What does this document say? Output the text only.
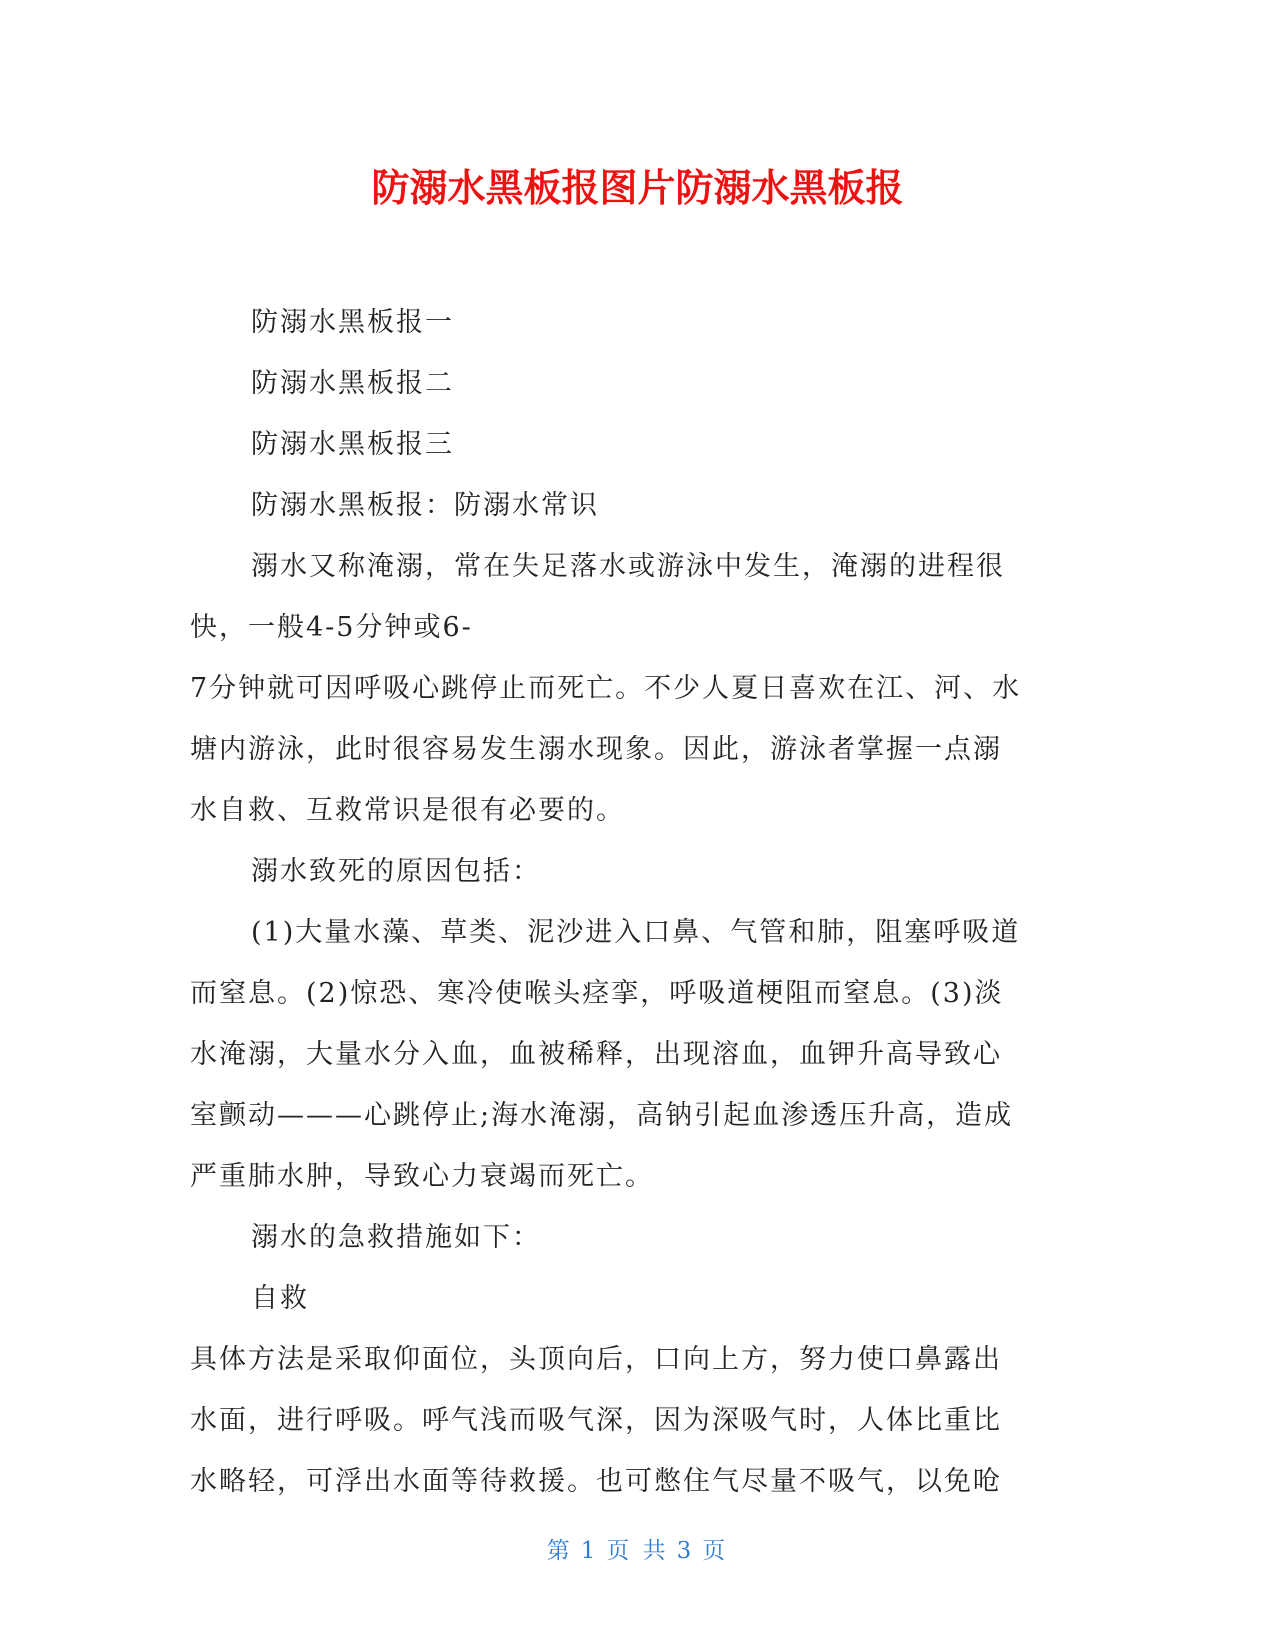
防溺水黑板报图片防溺水黑板报

防溺水黑板报一

防溺水黑板报二

防溺水黑板报三

防溺水黑板报：防溺水常识

溺水又称淹溺，常在失足落水或游泳中发生，淹溺的进程很

快，一般4-5分钟或6-

7分钟就可因呼吸心跳停止而死亡。不少人夏日喜欢在江、河、水

塘内游泳，此时很容易发生溺水现象。因此，游泳者掌握一点溺

水自救、互救常识是很有必要的。

溺水致死的原因包括：

(1)大量水藻、草类、泥沙进入口鼻、气管和肺，阻塞呼吸道

而窒息。(2)惊恐、寒冷使喉头痉挛，呼吸道梗阻而窒息。(3)淡

水淹溺，大量水分入血，血被稀释，出现溶血，血钾升高导致心

室颤动———心跳停止;海水淹溺，高钠引起血渗透压升高，造成

严重肺水肿，导致心力衰竭而死亡。

溺水的急救措施如下：

自救

具体方法是采取仰面位，头顶向后，口向上方，努力使口鼻露出

水面，进行呼吸。呼气浅而吸气深，因为深吸气时，人体比重比

水略轻，可浮出水面等待救援。也可憋住气尽量不吸气，以免呛

第 1 页 共 3 页
